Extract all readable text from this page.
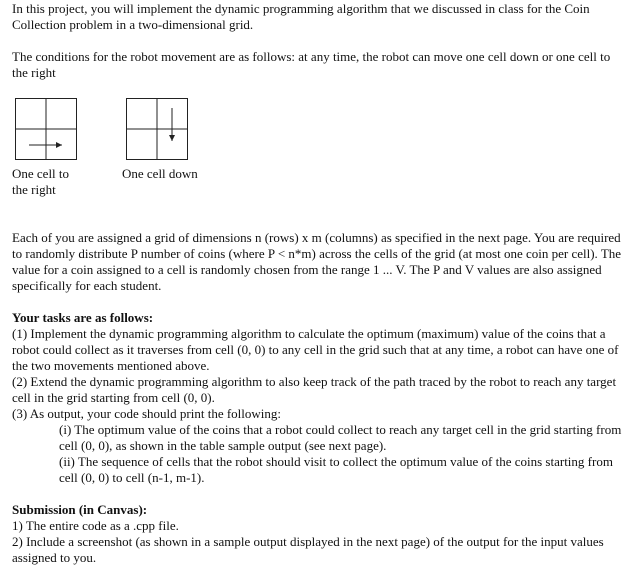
In this project, you will implement the dynamic programming algorithm that we discussed in class for the Coin Collection problem in a two-dimensional grid.

The conditions for the robot movement are as follows: at any time, the robot can move one cell down or one cell to the right

One cell to the right
One cell down

Each of you are assigned a grid of dimensions n (rows) x m (columns) as specified in the next page. You are required to randomly distribute P number of coins (where P < n*m) across the cells of the grid (at most one coin per cell). The value for a coin assigned to a cell is randomly chosen from the range 1 ... V. The P and V values are also assigned specifically for each student.

Your tasks are as follows:

(1) Implement the dynamic programming algorithm to calculate the optimum (maximum) value of the coins that a robot could collect as it traverses from cell (0, 0) to any cell in the grid such that at any time, a robot can have one of the two movements mentioned above.

(2) Extend the dynamic programming algorithm to also keep track of the path traced by the robot to reach any target cell in the grid starting from cell (0, 0).

(3) As output, your code should print the following:

(i) The optimum value of the coins that a robot could collect to reach any target cell in the grid starting from cell (0, 0), as shown in the table sample output (see next page).

(ii) The sequence of cells that the robot should visit to collect the optimum value of the coins starting from cell (0, 0) to cell (n-1, m-1).

Submission (in Canvas):

1) The entire code as a .cpp file.

2) Include a screenshot (as shown in a sample output displayed in the next page) of the output for the input values assigned to you.
